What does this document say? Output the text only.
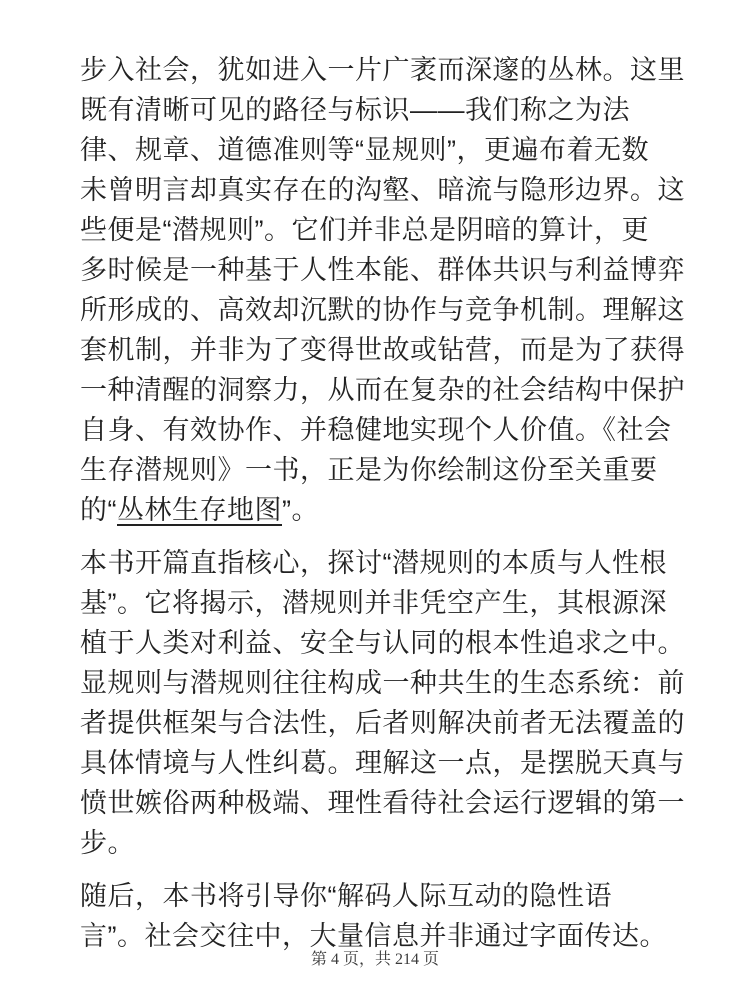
步入社会，犹如进入一片广袤而深邃的丛林。这里
既有清晰可见的路径与标识——我们称之为法
律、规章、道德准则等“显规则”，更遍布着无数
未曾明言却真实存在的沟壑、暗流与隐形边界。这
些便是“潜规则”。它们并非总是阴暗的算计，更
多时候是一种基于人性本能、群体共识与利益博弈
所形成的、高效却沉默的协作与竞争机制。理解这
套机制，并非为了变得世故或钻营，而是为了获得
一种清醒的洞察力，从而在复杂的社会结构中保护
自身、有效协作、并稳健地实现个人价值。《社会
生存潜规则》一书，正是为你绘制这份至关重要
的“丛林生存地图”。
本书开篇直指核心，探讨“潜规则的本质与人性根
基”。它将揭示，潜规则并非凭空产生，其根源深
植于人类对利益、安全与认同的根本性追求之中。
显规则与潜规则往往构成一种共生的生态系统：前
者提供框架与合法性，后者则解决前者无法覆盖的
具体情境与人性纠葛。理解这一点，是摆脱天真与
愤世嫉俗两种极端、理性看待社会运行逻辑的第一
步。
随后，本书将引导你“解码人际互动的隐性语
言”。社会交往中，大量信息并非通过字面传达。
第 4 页，共 214 页
